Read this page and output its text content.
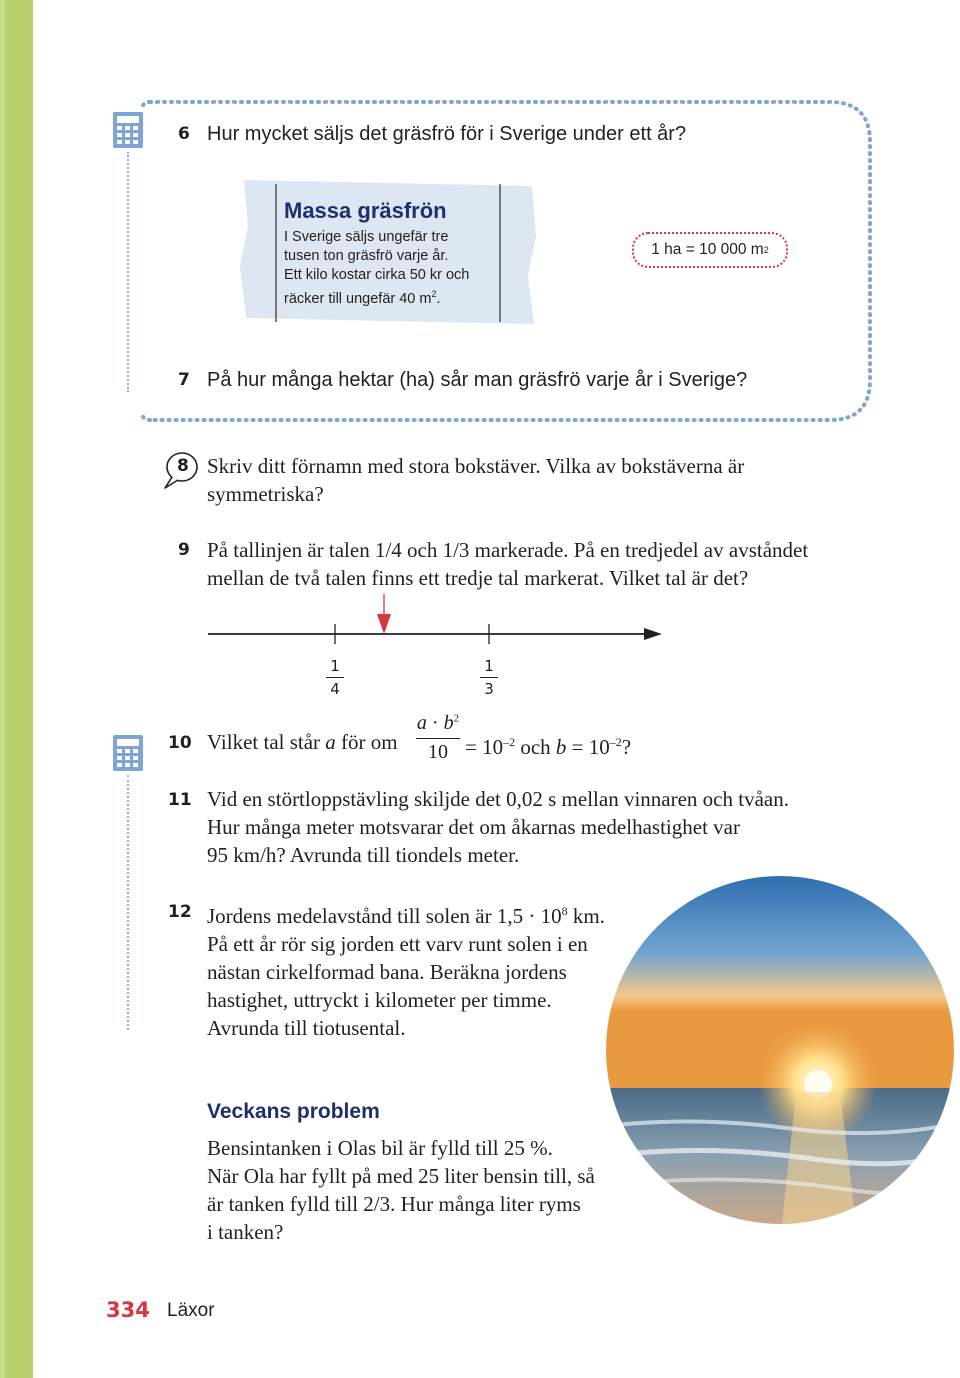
6 Hur mycket säljs det gräsfrö för i Sverige under ett år?
Massa gräsfrön
I Sverige säljs ungefär tre
tusen ton gräsfrö varje år.
Ett kilo kostar cirka 50 kr och
räcker till ungefär 40 $m^2$.
1 ha = 10 000 m 2
7 På hur många hektar (ha) sår man gräsfrö varje år i Sverige?
8 Skriv ditt förnamn med stora bokstäver. Vilka av bokstäverna är
symmetriska?
9 På tallinjen är talen 1/4 och 1/3 markerade. På en tredjedel av avståndet
mellan de två talen finns ett tredje tal markerat. Vilket tal är det?
1
4
1
3
10 Vilket tal står a för om
$a \cdot b^2$
$10 = 10^{-2}$ och $b = 10^{-2}$?
11 Vid en störtloppstävling skiljde det 0,02 s mellan vinnaren och tvåan.
Hur många meter motsvarar det om åkarnas medelhastighet var
95 km/h? Avrunda till tiondels meter.
12 Jordens medelavstånd till solen är $1,5 \cdot 10^8$ km.
På ett år rör sig jorden ett varv runt solen i en
nästan cirkelformad bana. Beräkna jordens
hastighet, uttryckt i kilometer per timme.
Avrunda till tiotusental.
Veckans problem
Bensintanken i Olas bil är fylld till 25 %.
När Ola har fyllt på med 25 liter bensin till, så
är tanken fylld till 2/3. Hur många liter ryms
i tanken?
334 Läxor
